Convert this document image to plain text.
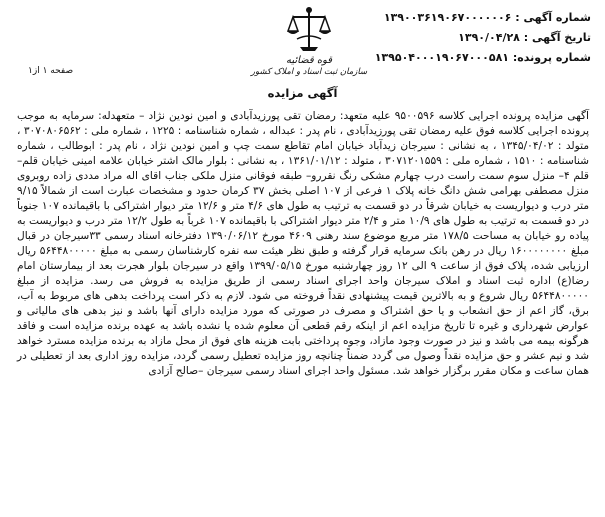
شماره آگهی : ۱۳۹۰۰۳۶۱۹۰۶۷۰۰۰۰۰۰۶
تاریخ آگهی : ۱۳۹۰/۰۴/۲۸
شماره پرونده: ۱۳۹۵۰۴۰۰۰۱۹۰۶۷۰۰۰۵۸۱
قوه قضائیه
سازمان ثبت اسناد و املاک کشور
صفحه ۱ از۱
آگهی مزایده
آگهی مزایده پرونده اجرایی کلاسه ۹۵۰۰۵۹۶ علیه متعهد: رمضان تقی پورزیدآبادی و امین نودین نژاد – متعهدله: سرمایه به موجب پرونده اجرایی کلاسه فوق علیه رمضان تقی پورزیدآبادی ، نام پدر : عبداله ، شماره شناسنامه : ۱۲۲۵ ، شماره ملی : ۳۰۷۰۸۰۶۵۶۲ ، متولد : ۱۳۴۵/۰۴/۰۲ ، به نشانی : سیرجان زیدآباد خیابان امام تقاطع سمت چپ و امین نودین نژاد ، نام پدر : ابوطالب ، شماره شناسنامه : ۱۵۱۰ ، شماره ملی : ۳۰۷۱۲۰۱۵۵۹ ، متولد : ۱۳۶۱/۰۱/۱۲ ، به نشانی : بلوار مالک اشتر خیابان علامه امینی خیابان قلم– قلم ۴– منزل سوم سمت راست درب چهارم مشکی رنگ نقررو– طبقه فوقانی منزل ملکی جناب اقای اله مراد مددی زاده روبروی منزل مصطفی بهرامی شش دانگ خانه پلاک ۱ فرعی از ۱۰۷ اصلی بخش ۳۷ کرمان حدود و مشخصات عبارت است از شمالاً ۹/۱۵ متر درب و دیواریست به خیابان شرقاً در دو قسمت به ترتیب به طول های ۴/۶ متر و ۱۲/۶ متر دیوار اشتراکی با باقیمانده ۱۰۷ جنوباً در دو قسمت به ترتیب به طول های ۱۰/۹ متر و ۲/۴ متر دیوار اشتراکی با باقیمانده ۱۰۷ غرباً به طول ۱۲/۲ متر درب و دیواریست به پیاده رو خیابان به مساحت ۱۷۸/۵ متر مربع موضوع سند رهنی ۴۶۰۹ مورخ ۱۳۹۰/۰۶/۱۲ دفترخانه اسناد رسمی ۳۳سیرجان در قبال مبلغ ۱۶۰۰۰۰۰۰۰۰ ریال در رهن بانک سرمایه قرار گرفته و طبق نظر هیئت سه نفره کارشناسان رسمی به مبلغ ۵۶۴۴۸۰۰۰۰۰ ریال ارزیابی شده، پلاک فوق از ساعت ۹ الی ۱۲ روز چهارشنبه مورخ ۱۳۹۹/۰۵/۱۵ واقع در سیرجان بلوار هجرت بعد از بیمارستان امام رضا(ع) اداره ثبت اسناد و املاک سیرجان واحد اجرای اسناد رسمی از طریق مزایده به فروش می رسد. مزایده از مبلغ ۵۶۴۴۸۰۰۰۰۰ ریال شروع و به بالاترین قیمت پیشنهادی نقداً فروخته می شود. لازم به ذکر است پرداخت بدهی های مربوط به آب، برق، گاز اعم از حق انشعاب و یا حق اشتراک و مصرف در صورتی که مورد مزایده دارای آنها باشد و نیز بدهی های مالیاتی و عوارض شهرداری و غیره تا تاریخ مزایده اعم از اینکه رقم قطعی آن معلوم شده یا نشده باشد به عهده برنده مزایده است و فاقد هرگونه بیمه می باشد و نیز در صورت وجود مازاد، وجوه پرداختی بابت هزینه های فوق از محل مازاد به برنده مزایده مسترد خواهد شد و نیم عشر و حق مزایده نقداً وصول می گردد ضمناً چنانچه روز مزایده تعطیل رسمی گردد، مزایده روز اداری بعد از تعطیلی در همان ساعت و مکان مقرر برگزار خواهد شد. مسئول واحد اجرای اسناد رسمی سیرجان –صالح آزادی
